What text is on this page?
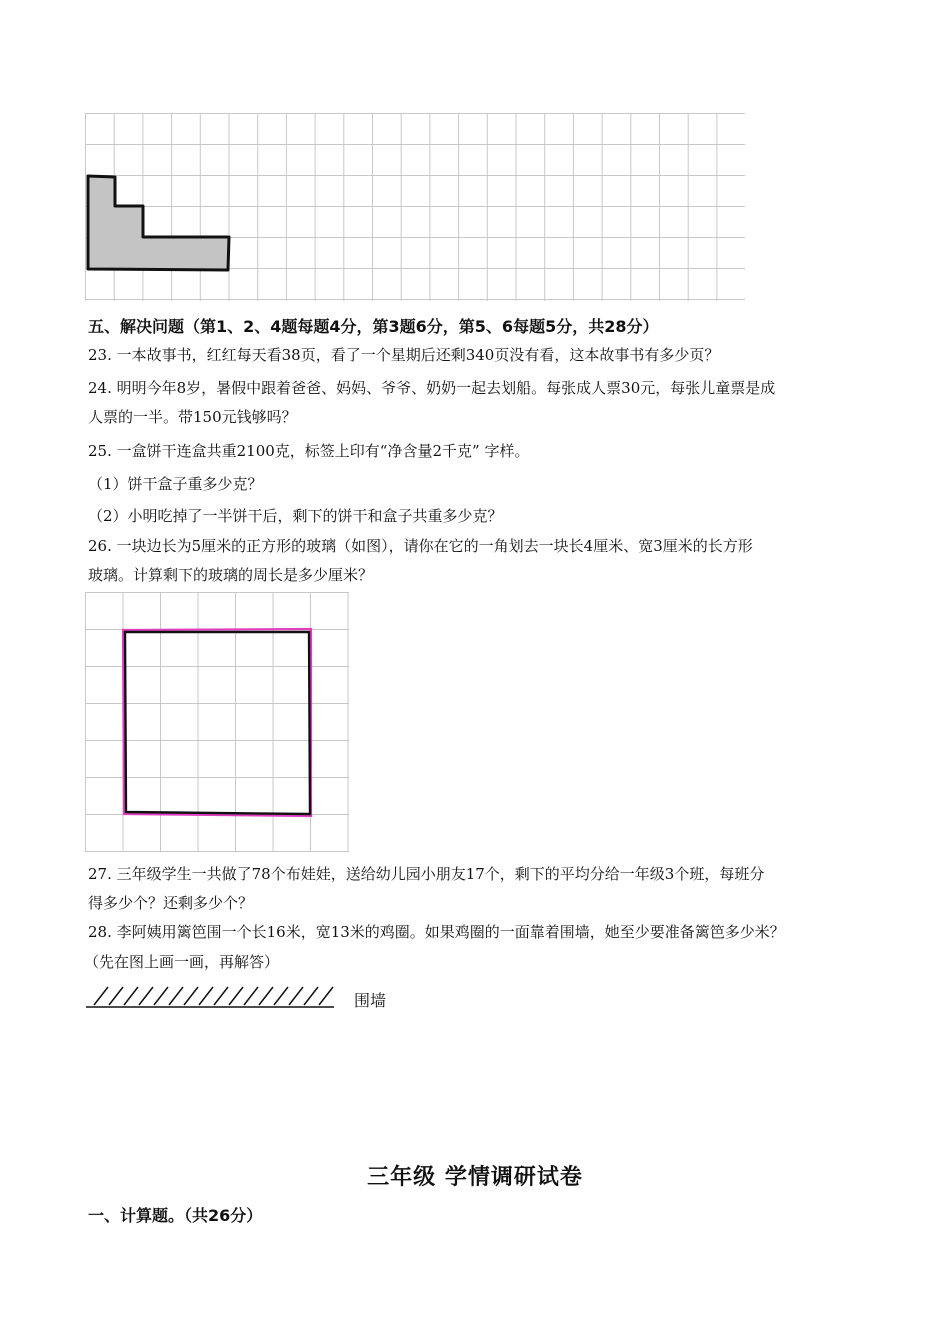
五、解决问题（第1、2、4题每题4分，第3题6分，第5、6每题5分，共28分）
23. 一本故事书，红红每天看38页，看了一个星期后还剩340页没有看，这本故事书有多少页？
24. 明明今年8岁，暑假中跟着爸爸、妈妈、爷爷、奶奶一起去划船。每张成人票30元，每张儿童票是成
人票的一半。带150元钱够吗？
25. 一盒饼干连盒共重2100克，标签上印有“净含量2千克” 字样。
（1）饼干盒子重多少克？
（2）小明吃掉了一半饼干后，剩下的饼干和盒子共重多少克？
26. 一块边长为5厘米的正方形的玻璃（如图），请你在它的一角划去一块长4厘米、宽3厘米的长方形
玻璃。计算剩下的玻璃的周长是多少厘米？
27. 三年级学生一共做了78个布娃娃，送给幼儿园小朋友17个，剩下的平均分给一年级3个班，每班分
得多少个？还剩多少个？
28. 李阿姨用篱笆围一个长16米，宽13米的鸡圈。如果鸡圈的一面靠着围墙，她至少要准备篱笆多少米？
（先在图上画一画，再解答）
围墙
三年级 学情调研试卷
一、计算题。（共26分）
